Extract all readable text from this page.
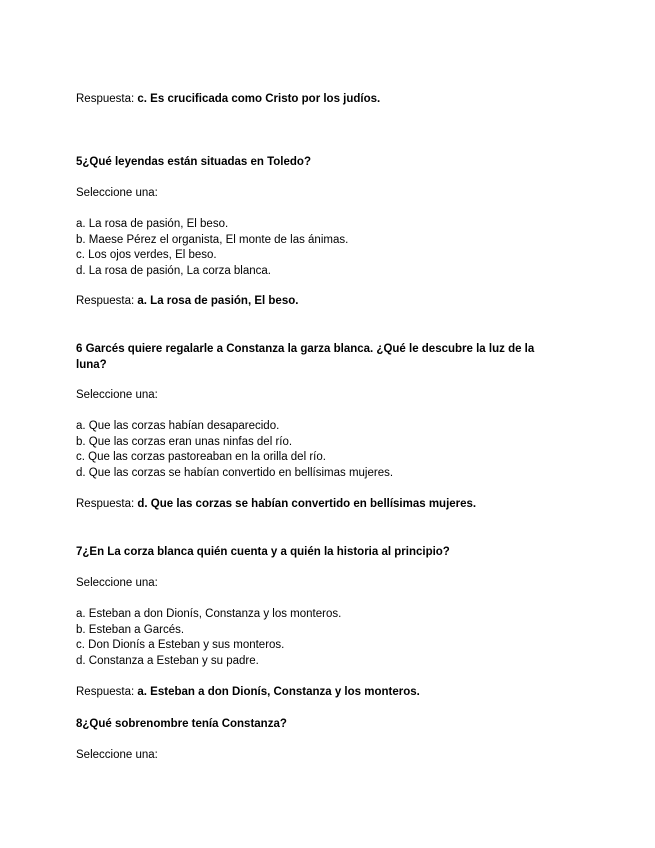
Respuesta: c. Es crucificada como Cristo por los judíos.
5¿Qué leyendas están situadas en Toledo?
Seleccione una:
a. La rosa de pasión, El beso.
b. Maese Pérez el organista, El monte de las ánimas.
c. Los ojos verdes, El beso.
d. La rosa de pasión, La corza blanca.
Respuesta: a. La rosa de pasión, El beso.
6 Garcés quiere regalarle a Constanza la garza blanca. ¿Qué le descubre la luz de la luna?
Seleccione una:
a. Que las corzas habían desaparecido.
b. Que las corzas eran unas ninfas del río.
c. Que las corzas pastoreaban en la orilla del río.
d. Que las corzas se habían convertido en bellísimas mujeres.
Respuesta: d. Que las corzas se habían convertido en bellísimas mujeres.
7¿En La corza blanca quién cuenta y a quién la historia al principio?
Seleccione una:
a. Esteban a don Dionís, Constanza y los monteros.
b. Esteban a Garcés.
c. Don Dionís a Esteban y sus monteros.
d. Constanza a Esteban y su padre.
Respuesta: a. Esteban a don Dionís, Constanza y los monteros.
8¿Qué sobrenombre tenía Constanza?
Seleccione una:
